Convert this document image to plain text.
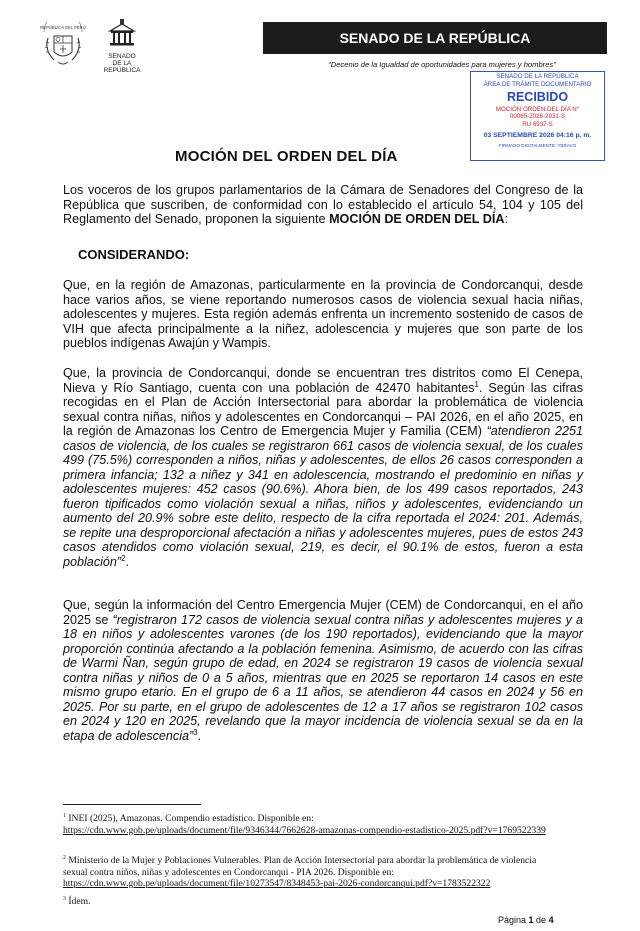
REPÚBLICA DEL PERÚ
SENADO
DE LA
REPÚBLICA
SENADO DE LA REPÚBLICA
“Decenio de la Igualdad de oportunidades para mujeres y hombres”
SENADO DE LA REPÚBLICA
ÁREA DE TRÁMITE DOCUMENTARIO
RECIBIDO
MOCIÓN ORDEN DEL DÍA N°
00065-2026-2031-S
RU 6937-S
03 SEPTIEMBRE 2026 04:16 p. m.
FIRMADO DIGITALMENTE: YBRAVO
MOCIÓN DEL ORDEN DEL DÍA
Los voceros de los grupos parlamentarios de la Cámara de Senadores del Congreso de la República que suscriben, de conformidad con lo establecido el artículo 54, 104 y 105 del Reglamento del Senado, proponen la siguiente MOCIÓN DE ORDEN DEL DÍA:
CONSIDERANDO:
Que, en la región de Amazonas, particularmente en la provincia de Condorcanqui, desde hace varios años, se viene reportando numerosos casos de violencia sexual hacia niñas, adolescentes y mujeres. Esta región además enfrenta un incremento sostenido de casos de VIH que afecta principalmente a la niñez, adolescencia y mujeres que son parte de los pueblos indígenas Awajún y Wampis.
Que, la provincia de Condorcanqui, donde se encuentran tres distritos como El Cenepa, Nieva y Río Santiago, cuenta con una población de 42470 habitantes$^1$. Según las cifras recogidas en el Plan de Acción Intersectorial para abordar la problemática de violencia sexual contra niñas, niños y adolescentes en Condorcanqui – PAI 2026, en el año 2025, en la región de Amazonas los Centro de Emergencia Mujer y Familia (CEM) “atendieron 2251 casos de violencia, de los cuales se registraron 661 casos de violencia sexual, de los cuales 499 (75.5%) corresponden a niños, niñas y adolescentes, de ellos 26 casos corresponden a primera infancia; 132 a niñez y 341 en adolescencia, mostrando el predominio en niñas y adolescentes mujeres: 452 casos (90.6%). Ahora bien, de los 499 casos reportados, 243 fueron tipificados como violación sexual a niñas, niños y adolescentes, evidenciando un aumento del 20.9% sobre este delito, respecto de la cifra reportada el 2024: 201. Además, se repite una desproporcional afectación a niñas y adolescentes mujeres, pues de estos 243 casos atendidos como violación sexual, 219, es decir, el 90.1% de estos, fueron a esta población”$^2$.
Que, según la información del Centro Emergencia Mujer (CEM) de Condorcanqui, en el año 2025 se “registraron 172 casos de violencia sexual contra niñas y adolescentes mujeres y a 18 en niños y adolescentes varones (de los 190 reportados), evidenciando que la mayor proporción continúa afectando a la población femenina. Asimismo, de acuerdo con las cifras de Warmi Ñan, según grupo de edad, en 2024 se registraron 19 casos de violencia sexual contra niñas y niños de 0 a 5 años, mientras que en 2025 se reportaron 14 casos en este mismo grupo etario. En el grupo de 6 a 11 años, se atendieron 44 casos en 2024 y 56 en 2025. Por su parte, en el grupo de adolescentes de 12 a 17 años se registraron 102 casos en 2024 y 120 en 2025, revelando que la mayor incidencia de violencia sexual se da en la etapa de adolescencia”$^3$.
$^1$ INEI (2025), Amazonas. Compendio estadístico. Disponible en:
https://cdn.www.gob.pe/uploads/document/file/9346344/7662628-amazonas-compendio-estadistico-2025.pdf?v=1769522339
$^2$ Ministerio de la Mujer y Poblaciones Vulnerables. Plan de Acción Intersectorial para abordar la problemática de violencia sexual contra niños, niñas y adolescentes en Condorcanqui - PIA 2026. Disponible en: https://cdn.www.gob.pe/uploads/document/file/10273547/8348453-pai-2026-condorcanqui.pdf?v=1783522322
$^3$ Ídem.
Página 1 de 4
